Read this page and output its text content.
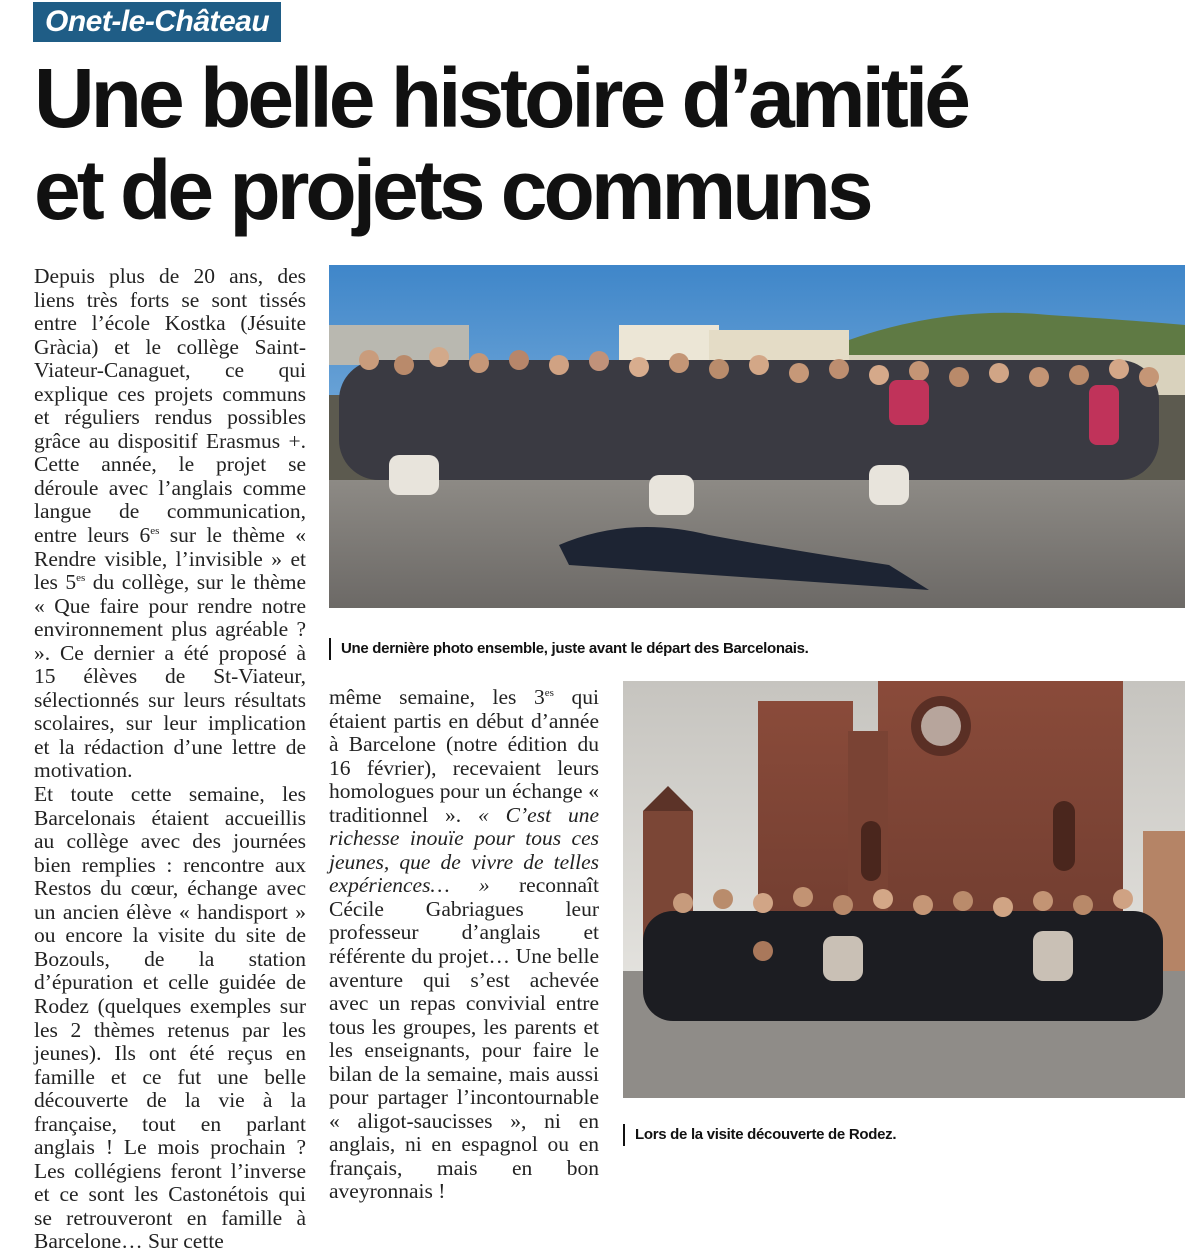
Onet-le-Château
Une belle histoire d’amitié
et de projets communs

Depuis plus de 20 ans, des liens très forts se sont tissés entre l’école Kostka (Jésuite Gràcia) et le collège Saint-Viateur-Canaguet, ce qui explique ces projets communs et réguliers rendus possibles grâce au dispositif Erasmus +. Cette année, le projet se déroule avec l’anglais comme langue de communication, entre leurs $6^{es}$ sur le thème « Rendre visible, l’invisible » et les $5^{es}$ du collège, sur le thème « Que faire pour rendre notre environnement plus agréable ? ». Ce dernier a été proposé à 15 élèves de St-Viateur, sélectionnés sur leurs résultats scolaires, sur leur implication et la rédaction d’une lettre de motivation.

Et toute cette semaine, les Barcelonais étaient accueillis au collège avec des journées bien remplies : rencontre aux Restos du cœur, échange avec un ancien élève « handisport » ou encore la visite du site de Bozouls, de la station d’épuration et celle guidée de Rodez (quelques exemples sur les 2 thèmes retenus par les jeunes). Ils ont été reçus en famille et ce fut une belle découverte de la vie à la française, tout en parlant anglais ! Le mois prochain ? Les collégiens feront l’inverse et ce sont les Castonétois qui se retrouveront en famille à Barcelone… Sur cette

même semaine, les $3^{es}$ qui étaient partis en début d’année à Barcelone (notre édition du 16 février), recevaient leurs homologues pour un échange « traditionnel ». « C’est une richesse inouïe pour tous ces jeunes, que de vivre de telles expériences… » reconnaît Cécile Gabriagues leur professeur d’anglais et référente du projet… Une belle aventure qui s’est achevée avec un repas convivial entre tous les groupes, les parents et les enseignants, pour faire le bilan de la semaine, mais aussi pour partager l’incontournable « aligot-saucisses », ni en anglais, ni en espagnol ou en français, mais en bon aveyronnais !

Une dernière photo ensemble, juste avant le départ des Barcelonais.
Lors de la visite découverte de Rodez.
